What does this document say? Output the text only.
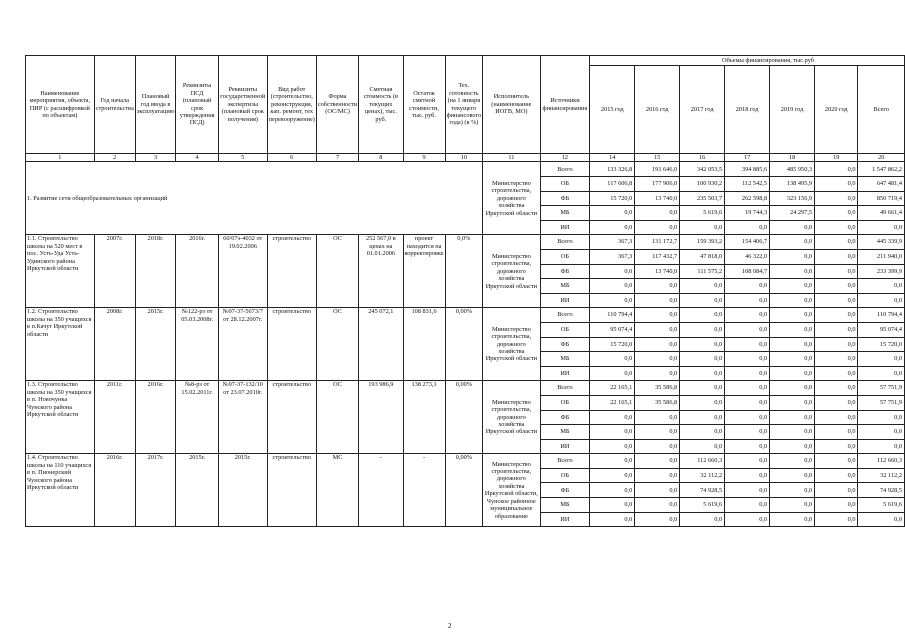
Наименование мероприятия, объекта, ПИР (с расшифровкой по объектам)	Год начала строительства	Плановый год ввода в эксплуатацию	Реквизиты ПСД (плановый срок утверждения ПСД)	Реквизиты государственной экспертизы (плановый срок получения)	Вид работ (строительство, реконструкция, кап. ремонт, тех перевооружение)	Форма собственности (ОС/МС)	Сметная стоимость (в текущих ценах), тыс. руб.	Остаток сметной стоимости, тыс. руб.	Тех. готовность (на 1 января текущего финансового года) (в %)	Исполнитель (наименование ИОГВ, МО)	Источники финансирования	Объемы финансирования, тыс.руб						
												2015 год	2016 год	2017 год	2018 год	2019 год	2020 год	Всего
1	2	3	4	5	6	7	8	9	10	11	12	14	15	16	17	18	19	20
1. Развитие сети общеобразовательных организаций										Министерство строительства, дорожного хозяйства Иркутской области	Всего	133 326,8	191 646,0	342 053,5	394 885,6	485 950,3	0,0	1 547 862,2
											ОБ	117 606,8	177 906,0	100 930,2	112 542,5	138 495,9	0,0	647 481,4
											ФБ	15 720,0	13 740,0	235 503,7	262 598,8	323 156,9	0,0	850 719,4
											МБ	0,0	0,0	5 619,6	19 744,3	24 297,5	0,0	49 661,4
											ИИ	0,0	0,0	0,0	0,0	0,0	0,0	0,0
1.1. Строительство школы на 520 мест в пос. Усть-Уда Усть-Удинского района Иркутской области	2007г.	2018г.	2016г.	60/07э-4032 от 19.02.2006	строительство	ОС	252 567,0 в ценах на 01.01.2006	проект находится на корректировке	0,0%	Министерство строительства, дорожного хозяйства Иркутской области	Всего	367,3	131 172,7	159 393,2	154 406,7	0,0	0,0	445 339,9
											ОБ	367,3	117 432,7	47 818,0	46 322,0	0,0	0,0	211 940,0
											ФБ	0,0	13 740,0	111 575,2	108 084,7	0,0	0,0	233 399,9
											МБ	0,0	0,0	0,0	0,0	0,0	0,0	0,0
											ИИ	0,0	0,0	0,0	0,0	0,0	0,0	0,0
1.2. Строительство школы на 350 учащихся в п.Качуг Иркутской области	2008г.	2015г.	№122-рз от 05.03.2008г.	№97-37-5673/7 от 28.12.2007г.	строительство	ОС	245 072,1	108 831,6	0,00%	Министерство строительства, дорожного хозяйства Иркутской области	Всего	110 794,4	0,0	0,0	0,0	0,0	0,0	110 794,4
											ОБ	95 074,4	0,0	0,0	0,0	0,0	0,0	95 074,4
											ФБ	15 720,0	0,0	0,0	0,0	0,0	0,0	15 720,0
											МБ	0,0	0,0	0,0	0,0	0,0	0,0	0,0
											ИИ	0,0	0,0	0,0	0,0	0,0	0,0	0,0
1.3. Строительство школы на 350 учащихся в п. Новочунка Чунского района Иркутской области	2011г.	2016г.	№8-рз от 15.02.2011г.	№97-37-132/10 от 23.07.2010г.	строительство	ОС	193 986,9	138 273,1	0,00%	Министерство строительства, дорожного хозяйства Иркутской области	Всего	22 165,1	35 586,8	0,0	0,0	0,0	0,0	57 751,9
											ОБ	22 165,1	35 586,8	0,0	0,0	0,0	0,0	57 751,9
											ФБ	0,0	0,0	0,0	0,0	0,0	0,0	0,0
											МБ	0,0	0,0	0,0	0,0	0,0	0,0	0,0
											ИИ	0,0	0,0	0,0	0,0	0,0	0,0	0,0
1.4. Строительство школы на 110 учащихся в п. Пионерский Чунского района Иркутской области	2016г.	2017г.	2015г.	2015г.	строительство	МС	-	-	0,00%	Министерство строительства, дорожного хозяйства Иркутской области, Чунское районное муниципальное образование	Всего	0,0	0,0	112 660,3	0,0	0,0	0,0	112 660,3
											ОБ	0,0	0,0	32 112,2	0,0	0,0	0,0	32 112,2
											ФБ	0,0	0,0	74 928,5	0,0	0,0	0,0	74 928,5
											МБ	0,0	0,0	5 619,6	0,0	0,0	0,0	5 619,6
											ИИ	0,0	0,0	0,0	0,0	0,0	0,0	0,0
2
